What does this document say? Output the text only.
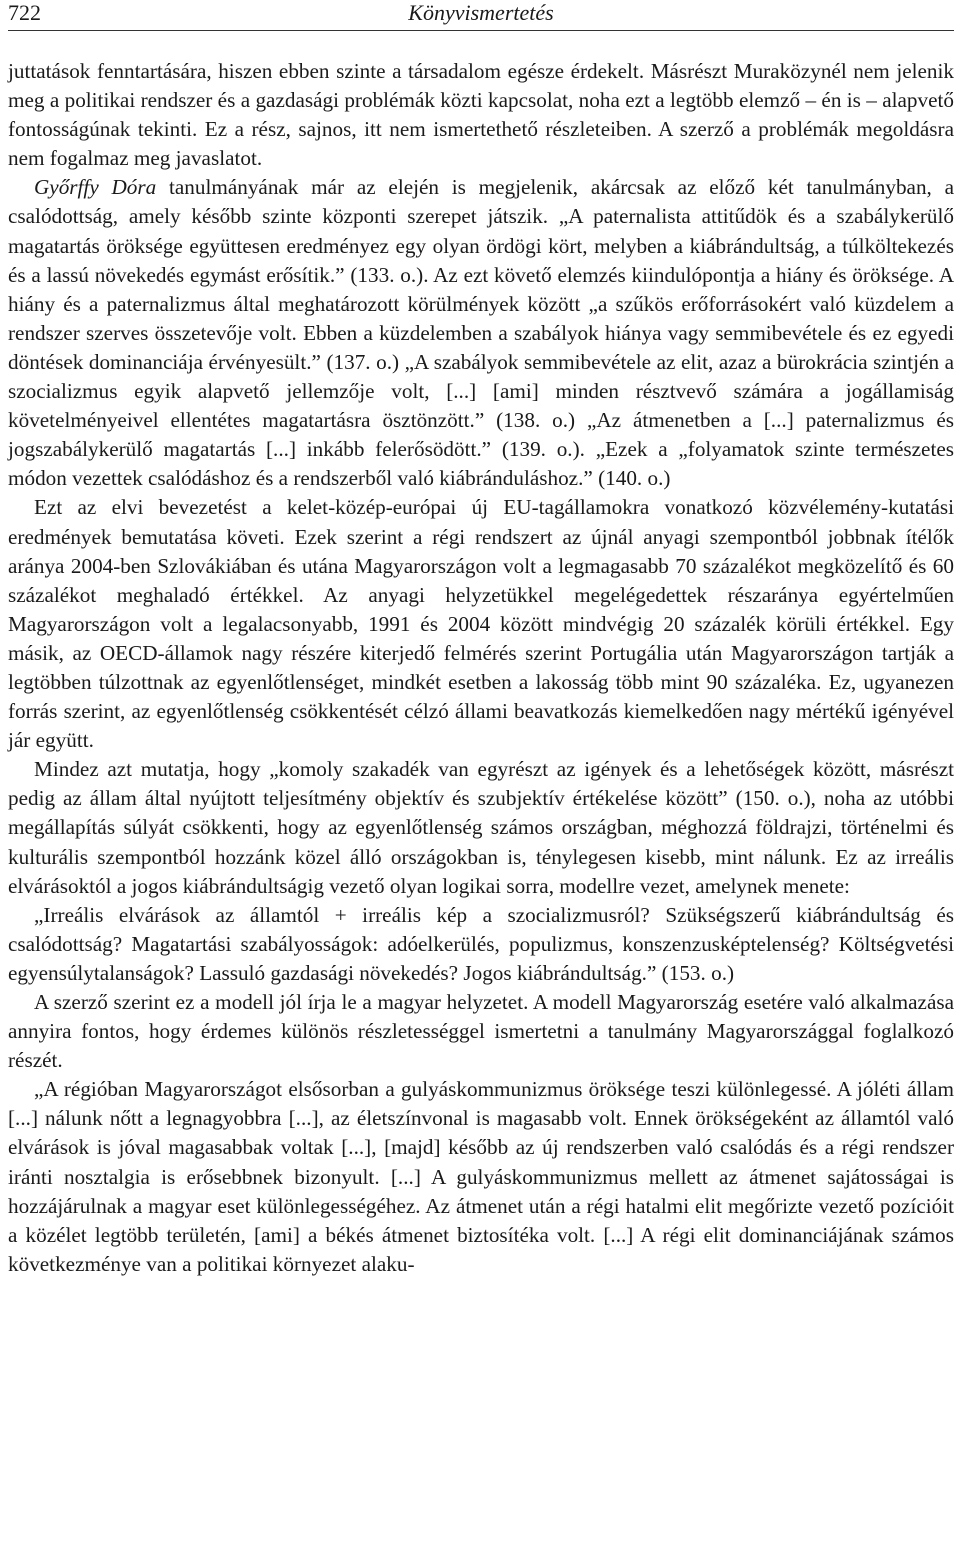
722	Könyvismertetés

juttatások fenntartására, hiszen ebben szinte a társadalom egésze érdekelt. Másrészt Muraközynél nem jelenik meg a politikai rendszer és a gazdasági problémák közti kapcsolat, noha ezt a legtöbb elemző – én is – alapvető fontosságúnak tekinti. Ez a rész, sajnos, itt nem ismertethető részleteiben. A szerző a problémák megoldásra nem fogalmaz meg javaslatot.

Győrffy Dóra tanulmányának már az elején is megjelenik, akárcsak az előző két tanulmányban, a csalódottság, amely később szinte központi szerepet játszik. „A paternalista attitűdök és a szabálykerülő magatartás öröksége együttesen eredményez egy olyan ördögi kört, melyben a kiábrándultság, a túlköltekezés és a lassú növekedés egymást erősítik.” (133. o.). Az ezt követő elemzés kiindulópontja a hiány és öröksége. A hiány és a paternalizmus által meghatározott körülmények között „a szűkös erőforrásokért való küzdelem a rendszer szerves összetevője volt. Ebben a küzdelemben a szabályok hiánya vagy semmibevétele és ez egyedi döntések dominanciája érvényesült.” (137. o.) „A szabályok semmibevétele az elit, azaz a bürokrácia szintjén a szocializmus egyik alapvető jellemzője volt, [...] [ami] minden résztvevő számára a jogállamiság követelményeivel ellentétes magatartásra ösztönzött.” (138. o.) „Az átmenetben a [...] paternalizmus és jogszabálykerülő magatartás [...] inkább felerősödött.” (139. o.). „Ezek a „folyamatok szinte természetes módon vezettek csalódáshoz és a rendszerből való kiábránduláshoz.” (140. o.)

Ezt az elvi bevezetést a kelet-közép-európai új EU-tagállamokra vonatkozó közvélemény-kutatási eredmények bemutatása követi. Ezek szerint a régi rendszert az újnál anyagi szempontból jobbnak ítélők aránya 2004-ben Szlovákiában és utána Magyarországon volt a legmagasabb 70 százalékot megközelítő és 60 százalékot meghaladó értékkel. Az anyagi helyzetükkel megelégedettek részaránya egyértelműen Magyarországon volt a legalacsonyabb, 1991 és 2004 között mindvégig 20 százalék körüli értékkel. Egy másik, az OECD-államok nagy részére kiterjedő felmérés szerint Portugália után Magyarországon tartják a legtöbben túlzottnak az egyenlőtlenséget, mindkét esetben a lakosság több mint 90 százaléka. Ez, ugyanezen forrás szerint, az egyenlőtlenség csökkentését célzó állami beavatkozás kiemelkedően nagy mértékű igényével jár együtt.

Mindez azt mutatja, hogy „komoly szakadék van egyrészt az igények és a lehetőségek között, másrészt pedig az állam által nyújtott teljesítmény objektív és szubjektív értékelése között” (150. o.), noha az utóbbi megállapítás súlyát csökkenti, hogy az egyenlőtlenség számos országban, méghozzá földrajzi, történelmi és kulturális szempontból hozzánk közel álló országokban is, ténylegesen kisebb, mint nálunk. Ez az irreális elvárásoktól a jogos kiábrándultságig vezető olyan logikai sorra, modellre vezet, amelynek menete:

„Irreális elvárások az államtól + irreális kép a szocializmusról? Szükségszerű kiábrándultság és csalódottság? Magatartási szabályosságok: adóelkerülés, populizmus, konszenzusképtelenség? Költségvetési egyensúlytalanságok? Lassuló gazdasági növekedés? Jogos kiábrándultság.” (153. o.)

A szerző szerint ez a modell jól írja le a magyar helyzetet. A modell Magyarország esetére való alkalmazása annyira fontos, hogy érdemes különös részletességgel ismertetni a tanulmány Magyarországgal foglalkozó részét.

„A régióban Magyarországot elsősorban a gulyáskommunizmus öröksége teszi különlegessé. A jóléti állam [...] nálunk nőtt a legnagyobbra [...], az életszínvonal is magasabb volt. Ennek örökségeként az államtól való elvárások is jóval magasabbak voltak [...], [majd] később az új rendszerben való csalódás és a régi rendszer iránti nosztalgia is erősebbnek bizonyult. [...] A gulyáskommunizmus mellett az átmenet sajátosságai is hozzájárulnak a magyar eset különlegességéhez. Az átmenet után a régi hatalmi elit megőrizte vezető pozícióit a közélet legtöbb területén, [ami] a békés átmenet biztosítéka volt. [...] A régi elit dominanciájának számos következménye van a politikai környezet alaku-
